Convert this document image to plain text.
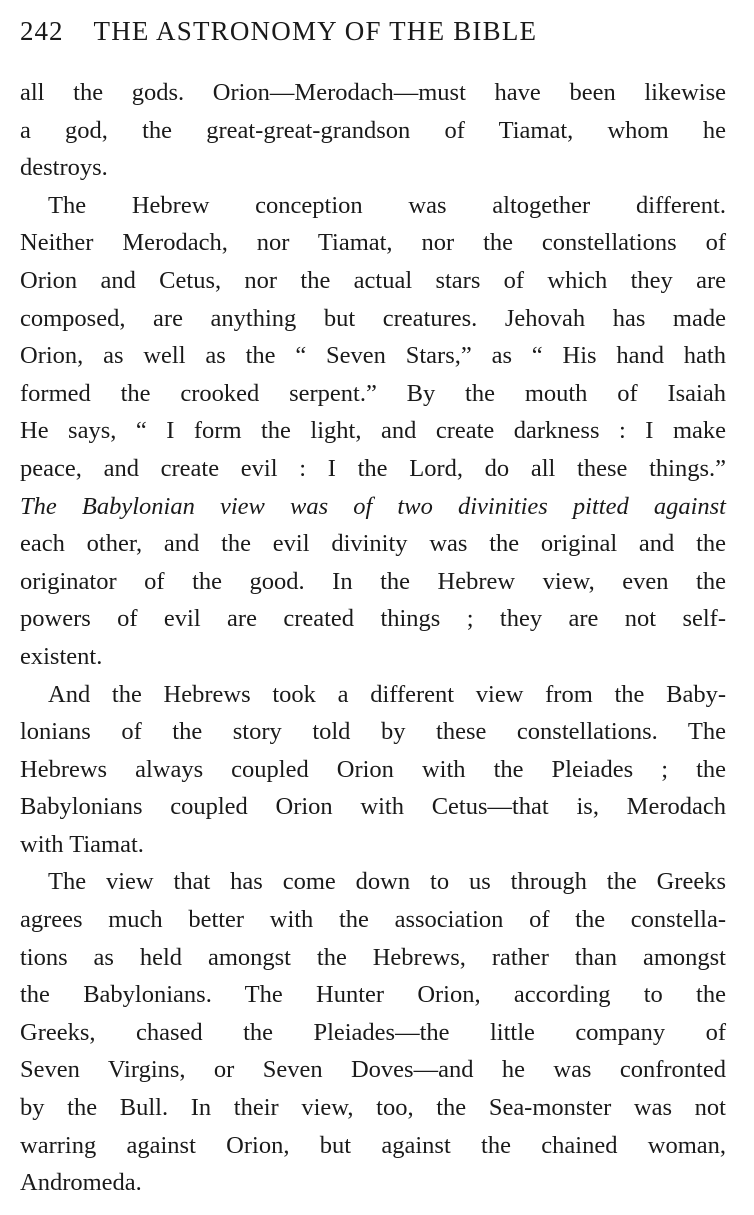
242 THE ASTRONOMY OF THE BIBLE
all the gods. Orion—Merodach—must have been likewise
a god, the great-great-grandson of Tiamat, whom he
destroys.
The Hebrew conception was altogether different.
Neither Merodach, nor Tiamat, nor the constellations of
Orion and Cetus, nor the actual stars of which they are
composed, are anything but creatures. Jehovah has made
Orion, as well as the “ Seven Stars,” as “ His hand hath
formed the crooked serpent.” By the mouth of Isaiah
He says, “ I form the light, and create darkness : I make
peace, and create evil : I the Lord, do all these things.”
The Babylonian view was of two divinities pitted against
each other, and the evil divinity was the original and the
originator of the good. In the Hebrew view, even the
powers of evil are created things ; they are not self-
existent.
And the Hebrews took a different view from the Baby-
lonians of the story told by these constellations. The
Hebrews always coupled Orion with the Pleiades ; the
Babylonians coupled Orion with Cetus—that is, Merodach
with Tiamat.
The view that has come down to us through the Greeks
agrees much better with the association of the constella-
tions as held amongst the Hebrews, rather than amongst
the Babylonians. The Hunter Orion, according to the
Greeks, chased the Pleiades—the little company of
Seven Virgins, or Seven Doves—and he was confronted
by the Bull. In their view, too, the Sea-monster was not
warring against Orion, but against the chained woman,
Andromeda.
